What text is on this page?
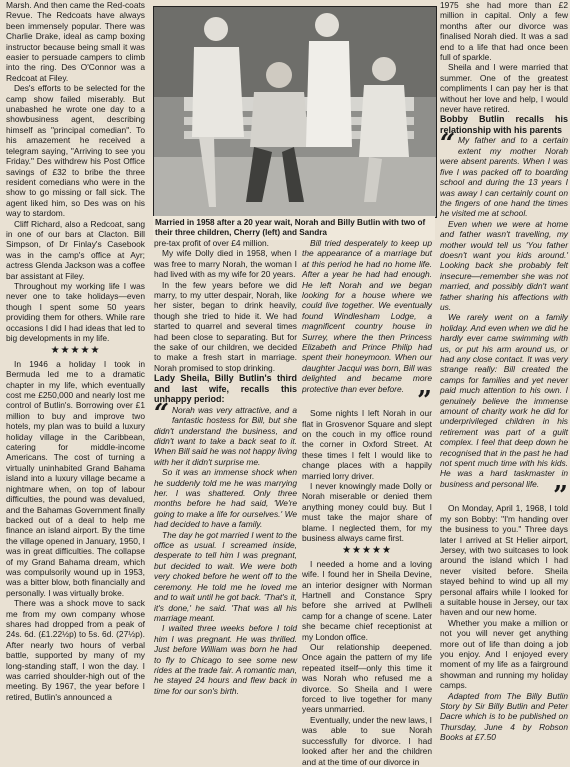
Marsh. And then came the Red-coats Revue. The Redcoats have always been immensely popular. There was Charlie Drake, ideal as camp boxing instructor because being small it was easier to persuade campers to climb into the ring. Des O'Connor was a Redcoat at Filey.

Des's efforts to be selected for the camp show failed miserably. But unabashed he wrote one day to a showbusiness agent, describing himself as "principal comedian". To his amazement he received a telegram saying, "Arriving to see you Friday." Des withdrew his Post Office savings of £32 to bribe the three resident comedians who were in the show to go missing or fall sick. The agent liked him, so Des was on his way to stardom.

Cliff Richard, also a Redcoat, sang in one of our bars at Clacton. Bill Simpson, of Dr Finlay's Casebook was in the camp's office at Ayr; actress Glenda Jackson was a coffee bar assistant at Filey.

Throughout my working life I was never one to take holidays—even though I spent some 50 years providing them for others. While rare occasions I did I had ideas that led to big developments in my life.

★★★★★

In 1946 a holiday I took in Bermuda led me to a dramatic chapter in my life, which eventually cost me £250,000 and nearly lost me control of Butlin's. Borrowing over £1 million to buy and improve two hotels, my plan was to build a luxury holiday village in the Caribbean, catering for middle-income Americans. The cost of turning a virtually uninhabited Grand Bahama island into a luxury village became a nightmare when, on top of labour difficulties, the pound was devalued, and the Bahamas Government finally backed out of a deal to help me finance an island airport. By the time the village opened in January, 1950, I was in great difficulties. The collapse of my Grand Bahama dream, which was compulsorily wound up in 1953, was a bitter blow, both financially and personally. I was virtually broke.

There was a shock move to sack me from my own company whose shares had dropped from a peak of 24s. 6d. (£1.22½p) to 5s. 6d. (27½p). After nearly two hours of verbal battle, supported by many of my long-standing staff, I won the day. I was carried shoulder-high out of the meeting. By 1967, the year before I retired, Butlin's announced a

Married in 1958 after a 20 year wait, Norah and Billy Butlin with two of their three children, Cherry (left) and Sandra

pre-tax profit of over £4 million.

My wife Dolly died in 1958, when I was free to marry Norah, the woman I had lived with as my wife for 20 years.

In the few years before we did marry, to my utter despair, Norah, like her sister, began to drink heavily, though she tried to hide it. We had started to quarrel and several times had been close to separating. But for the sake of our children, we decided to make a fresh start in marriage. Norah promised to stop drinking.

Lady Sheila, Billy Butlin's third and last wife, recalls this unhappy period:

“ Norah was very attractive, and a fantastic hostess for Bill, but she didn't understand the business, and didn't want to take a back seat to it. When Bill said he was not happy living with her it didn't surprise me.

So it was an immense shock when he suddenly told me he was marrying her. I was shattered. Only three months before he had said, 'We're going to make a life for ourselves.' We had decided to have a family.

The day he got married I went to the office as usual. I screamed inside, desperate to tell him I was pregnant, but decided to wait. We were both very choked before he went off to the ceremony. He told me he loved me and to wait until he got back. 'That's it, it's done,' he said. 'That was all his marriage meant.

I waited three weeks before I told him I was pregnant. He was thrilled. Just before William was born he had to fly to Chicago to see some new rides at the trade fair. A romantic man, he stayed 24 hours and flew back in time for our son's birth.

Bill tried desperately to keep up the appearance of a marriage but at this period he had no home life. After a year he had had enough. He left Norah and we began looking for a house where we could live together. We eventually found Windlesham Lodge, a magnificent country house in Surrey, where the then Princess Elizabeth and Prince Philip had spent their honeymoon. When our daughter Jacqui was born, Bill was delighted and became more protective than ever before. ”

Some nights I left Norah in our flat in Grosvenor Square and slept on the couch in my office round the corner in Oxford Street. At these times I felt I would like to change places with a happily married lorry driver.

I never knowingly made Dolly or Norah miserable or denied them anything money could buy. But I must take the major share of blame. I neglected them, for my business always came first.

★★★★★

I needed a home and a loving wife. I found her in Sheila Devine, an interior designer with Norman Hartnell and Constance Spry before she arrived at Pwllheli camp for a change of scene. Later she became chief receptionist at my London office.

Our relationship deepened. Once again the pattern of my life repeated itself—only this time it was Norah who refused me a divorce. So Sheila and I were forced to live together for many years unmarried.

Eventually, under the new laws, I was able to sue Norah successfully for divorce. I had looked after her and the children and at the time of our divorce in

1975 she had more than £2 million in capital. Only a few months after our divorce was finalised Norah died. It was a sad end to a life that had once been full of sparkle.

Sheila and I were married that summer. One of the greatest compliments I can pay her is that without her love and help, I would never have retired.

Bobby Butlin recalls his relationship with his parents

“ My father and to a certain extent my mother Norah were absent parents. When I was five I was packed off to boarding school and during the 13 years I was away I can certainly count on the fingers of one hand the times he visited me at school.

Even when we were at home and father wasn't travelling, my mother would tell us 'You father doesn't want you kids around.' Looking back she probably felt insecure—remember she was not married, and possibly didn't want father sharing his affections with us.

We rarely went on a family holiday. And even when we did he hardly ever came swimming with us, or put his arm around us, or had any close contact. It was very strange really: Bill created the camps for families and yet never paid much attention to his own. I genuinely believe the immense amount of charity work he did for underprivileged children in his retirement was part of a guilt complex. I feel that deep down he recognised that in the past he had not spent much time with his kids. He was a hard taskmaster in business and personal life. ”

On Monday, April 1, 1968, I told my son Bobby: "I'm handing over the business to you." Three days later I arrived at St Helier airport, Jersey, with two suitcases to look around the island which I had never visited before. Sheila stayed behind to wind up all my personal affairs while I looked for a suitable house in Jersey, our tax haven and our new home.

Whether you make a million or not you will never get anything more out of life than doing a job you enjoy. And I enjoyed every moment of my life as a fairground showman and running my holiday camps.

Adapted from The Billy Butlin Story by Sir Billy Butlin and Peter Dacre which is to be published on Thursday, June 4 by Robson Books at £7.50
